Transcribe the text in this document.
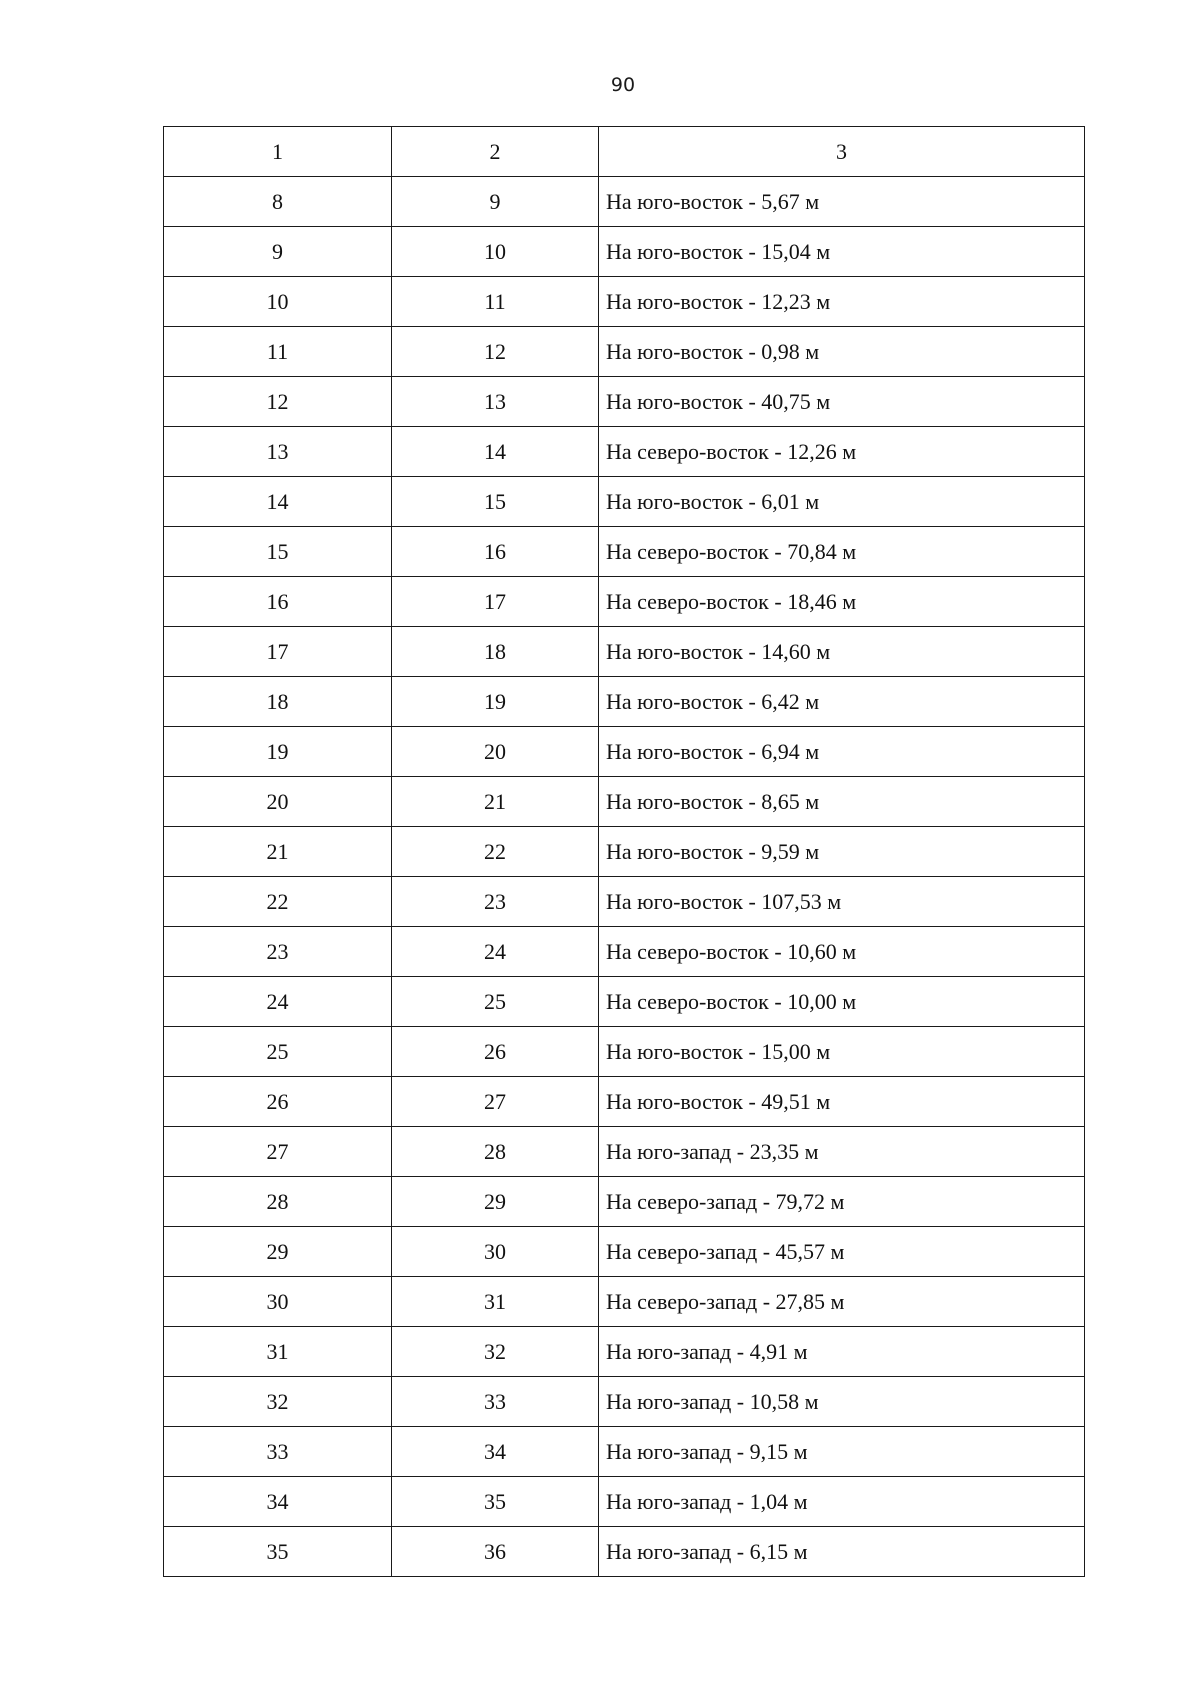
90
1	2	3
8	9	На юго-восток - 5,67 м
9	10	На юго-восток - 15,04 м
10	11	На юго-восток - 12,23 м
11	12	На юго-восток - 0,98 м
12	13	На юго-восток - 40,75 м
13	14	На северо-восток - 12,26 м
14	15	На юго-восток - 6,01 м
15	16	На северо-восток - 70,84 м
16	17	На северо-восток - 18,46 м
17	18	На юго-восток - 14,60 м
18	19	На юго-восток - 6,42 м
19	20	На юго-восток - 6,94 м
20	21	На юго-восток - 8,65 м
21	22	На юго-восток - 9,59 м
22	23	На юго-восток - 107,53 м
23	24	На северо-восток - 10,60 м
24	25	На северо-восток - 10,00 м
25	26	На юго-восток - 15,00 м
26	27	На юго-восток - 49,51 м
27	28	На юго-запад - 23,35 м
28	29	На северо-запад - 79,72 м
29	30	На северо-запад - 45,57 м
30	31	На северо-запад - 27,85 м
31	32	На юго-запад - 4,91 м
32	33	На юго-запад - 10,58 м
33	34	На юго-запад - 9,15 м
34	35	На юго-запад - 1,04 м
35	36	На юго-запад - 6,15 м
